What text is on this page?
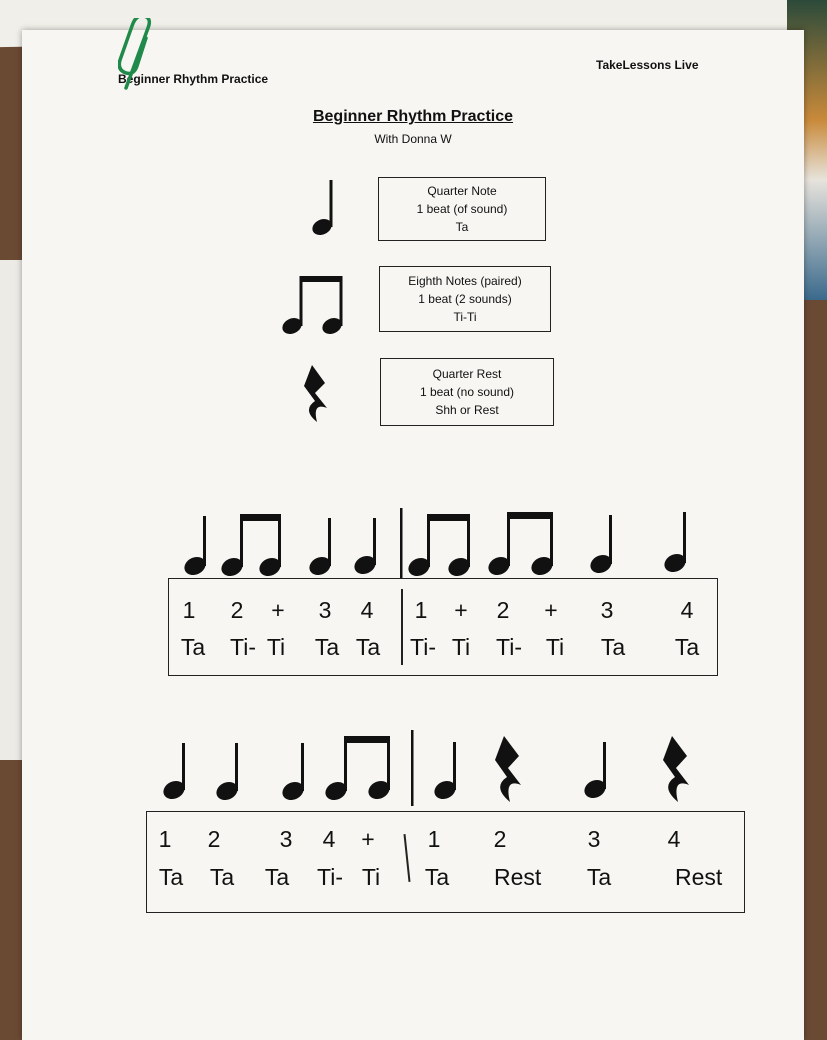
Beginner Rhythm Practice
TakeLessons Live
Beginner Rhythm Practice
With Donna W
Quarter Note
1 beat (of sound)
Ta
Eighth Notes (paired)
1 beat (2 sounds)
Ti-Ti
Quarter Rest
1 beat (no sound)
Shh or Rest
1	2	+	3	4	1	+	2	+	3	4
Ta Ti- Ti Ta Ta Ti- Ti Ti- Ti Ta Ta
1	2	3	4	+	1	2	3	4
Ta Ta Ta Ti- Ti Ta Rest Ta	Rest
